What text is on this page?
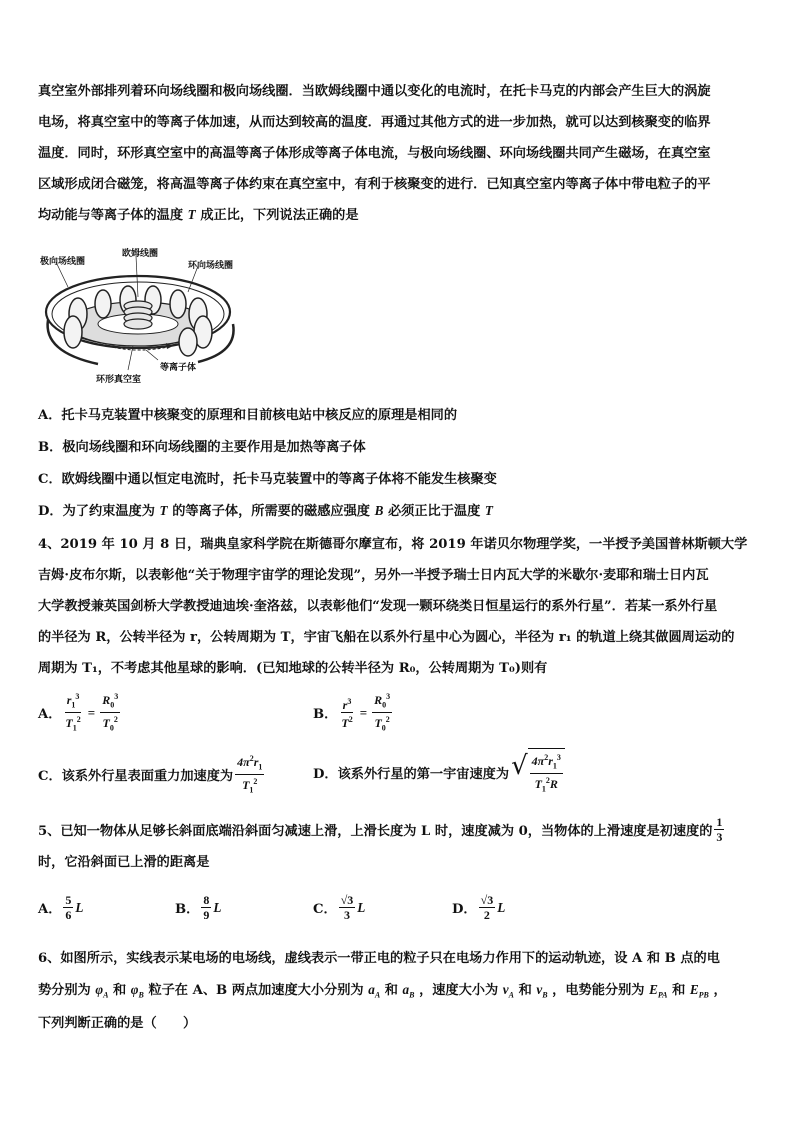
真空室外部排列着环向场线圈和极向场线圈．当欧姆线圈中通以变化的电流时，在托卡马克的内部会产生巨大的涡旋
电场，将真空室中的等离子体加速，从而达到较高的温度．再通过其他方式的进一步加热，就可以达到核聚变的临界
温度．同时，环形真空室中的高温等离子体形成等离子体电流，与极向场线圈、环向场线圈共同产生磁场，在真空室
区域形成闭合磁笼，将高温等离子体约束在真空室中，有利于核聚变的进行．已知真空室内等离子体中带电粒子的平
均动能与等离子体的温度 T 成正比，下列说法正确的是
极向场线圈
欧姆线圈
环向场线圈
等离子体
环形真空室
A．托卡马克装置中核聚变的原理和目前核电站中核反应的原理是相同的
B．极向场线圈和环向场线圈的主要作用是加热等离子体
C．欧姆线圈中通以恒定电流时，托卡马克装置中的等离子体将不能发生核聚变
D．为了约束温度为 T 的等离子体，所需要的磁感应强度 B 必须正比于温度 T
4、2019 年 10 月 8 日，瑞典皇家科学院在斯德哥尔摩宣布，将 2019 年诺贝尔物理学奖，一半授予美国普林斯顿大学
吉姆·皮布尔斯，以表彰他“关于物理宇宙学的理论发现”，另外一半授予瑞士日内瓦大学的米歇尔·麦耶和瑞士日内瓦
大学教授兼英国剑桥大学教授迪迪埃·奎洛兹，以表彰他们“发现一颗环绕类日恒星运行的系外行星”．若某一系外行星
的半径为 R，公转半径为 r，公转周期为 T，宇宙飞船在以系外行星中心为圆心，半径为 r₁ 的轨道上绕其做圆周运动的
周期为 T₁，不考虑其他星球的影响．(已知地球的公转半径为 R₀，公转周期为 T₀)则有
A． $\frac{r_1^3}{T_1^2} = \frac{R_0^3}{T_0^2}$	B． $\frac{r^3}{T^2} = \frac{R_0^3}{T_0^2}$
C．该系外行星表面重力加速度为 $\frac{4\pi^2r_1}{T_1^2}$	D．该系外行星的第一宇宙速度为 √ $\frac{4\pi^2r_1^3}{T_1^2R}$
5、已知一物体从足够长斜面底端沿斜面匀减速上滑，上滑长度为 L 时，速度减为 0，当物体的上滑速度是初速度的 $\frac{1}{3}$
时，它沿斜面已上滑的距离是
A． $\frac{5}{6}$ L	B． $\frac{8}{9}$ L	C． $\frac{√3}{3}$ L	D． $\frac{√3}{2}$ L
6、如图所示，实线表示某电场的电场线，虚线表示一带正电的粒子只在电场力作用下的运动轨迹，设 A 和 B 点的电
势分别为 $\varphi_A$ 和 $\varphi_B$ 粒子在 A、B 两点加速度大小分别为 $a_A$ 和 $a_B$ ，速度大小为 $v_A$ 和 $v_B$ ，电势能分别为 $E_{PA}$ 和 $E_{PB}$ ，
下列判断正确的是（　　）
